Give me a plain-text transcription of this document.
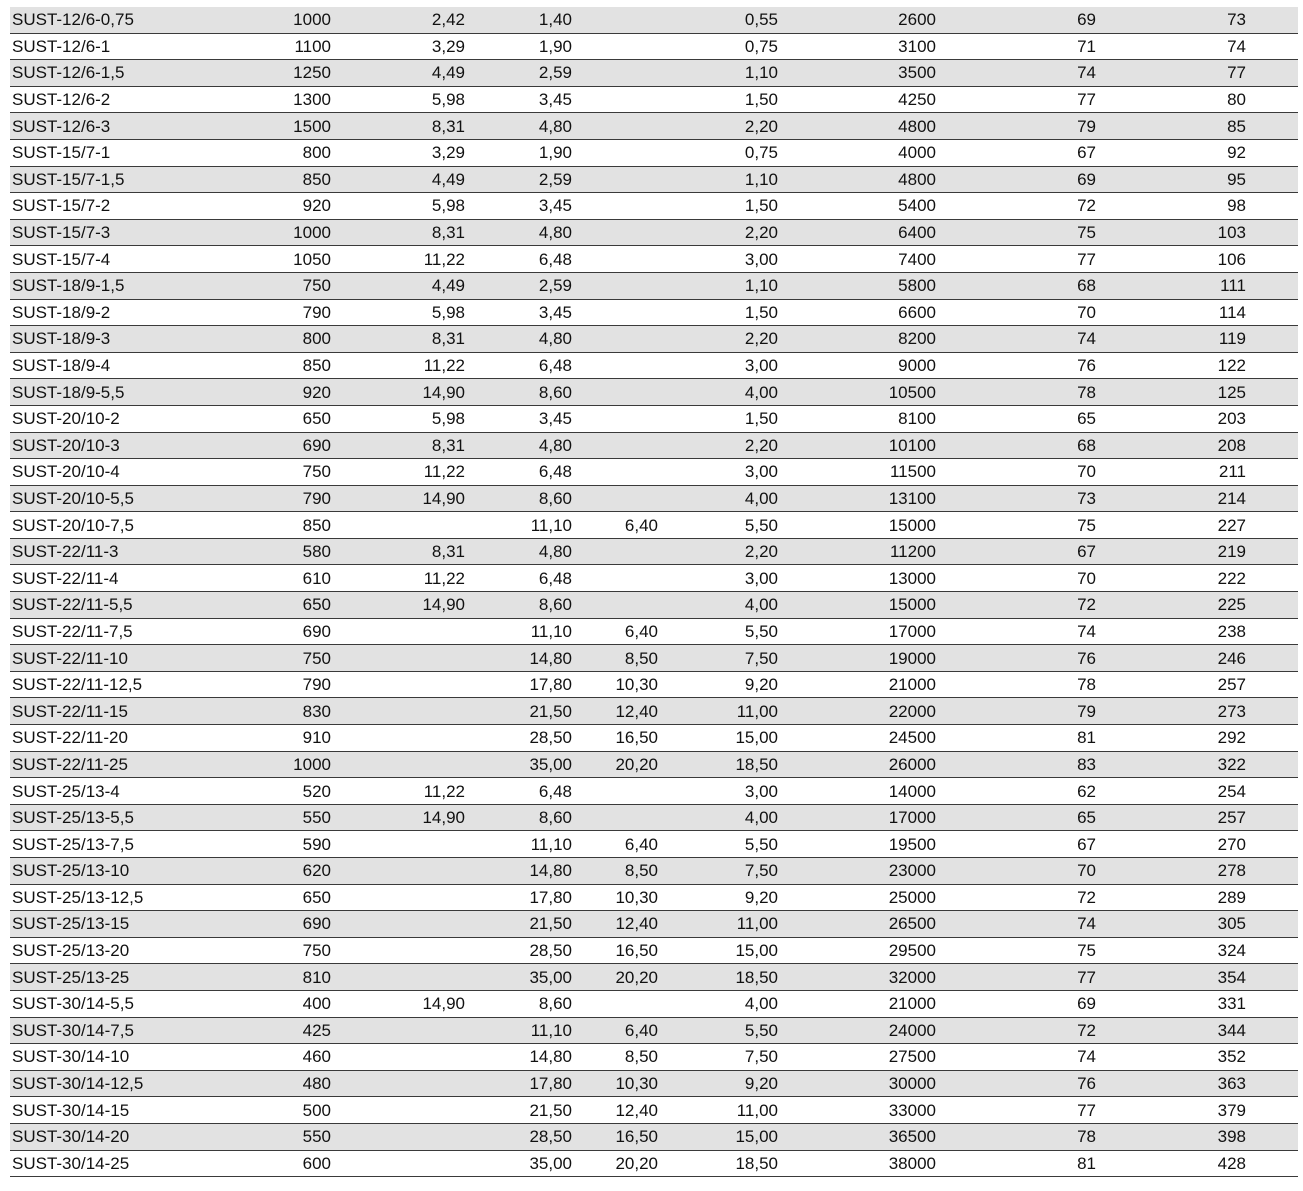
SUST-12/6-0,75	1000	2,42	1,40		0,55	2600	69	73	
SUST-12/6-1	1100	3,29	1,90		0,75	3100	71	74	
SUST-12/6-1,5	1250	4,49	2,59		1,10	3500	74	77	
SUST-12/6-2	1300	5,98	3,45		1,50	4250	77	80	
SUST-12/6-3	1500	8,31	4,80		2,20	4800	79	85	
SUST-15/7-1	800	3,29	1,90		0,75	4000	67	92	
SUST-15/7-1,5	850	4,49	2,59		1,10	4800	69	95	
SUST-15/7-2	920	5,98	3,45		1,50	5400	72	98	
SUST-15/7-3	1000	8,31	4,80		2,20	6400	75	103	
SUST-15/7-4	1050	11,22	6,48		3,00	7400	77	106	
SUST-18/9-1,5	750	4,49	2,59		1,10	5800	68	111	
SUST-18/9-2	790	5,98	3,45		1,50	6600	70	114	
SUST-18/9-3	800	8,31	4,80		2,20	8200	74	119	
SUST-18/9-4	850	11,22	6,48		3,00	9000	76	122	
SUST-18/9-5,5	920	14,90	8,60		4,00	10500	78	125	
SUST-20/10-2	650	5,98	3,45		1,50	8100	65	203	
SUST-20/10-3	690	8,31	4,80		2,20	10100	68	208	
SUST-20/10-4	750	11,22	6,48		3,00	11500	70	211	
SUST-20/10-5,5	790	14,90	8,60		4,00	13100	73	214	
SUST-20/10-7,5	850		11,10	6,40	5,50	15000	75	227	
SUST-22/11-3	580	8,31	4,80		2,20	11200	67	219	
SUST-22/11-4	610	11,22	6,48		3,00	13000	70	222	
SUST-22/11-5,5	650	14,90	8,60		4,00	15000	72	225	
SUST-22/11-7,5	690		11,10	6,40	5,50	17000	74	238	
SUST-22/11-10	750		14,80	8,50	7,50	19000	76	246	
SUST-22/11-12,5	790		17,80	10,30	9,20	21000	78	257	
SUST-22/11-15	830		21,50	12,40	11,00	22000	79	273	
SUST-22/11-20	910		28,50	16,50	15,00	24500	81	292	
SUST-22/11-25	1000		35,00	20,20	18,50	26000	83	322	
SUST-25/13-4	520	11,22	6,48		3,00	14000	62	254	
SUST-25/13-5,5	550	14,90	8,60		4,00	17000	65	257	
SUST-25/13-7,5	590		11,10	6,40	5,50	19500	67	270	
SUST-25/13-10	620		14,80	8,50	7,50	23000	70	278	
SUST-25/13-12,5	650		17,80	10,30	9,20	25000	72	289	
SUST-25/13-15	690		21,50	12,40	11,00	26500	74	305	
SUST-25/13-20	750		28,50	16,50	15,00	29500	75	324	
SUST-25/13-25	810		35,00	20,20	18,50	32000	77	354	
SUST-30/14-5,5	400	14,90	8,60		4,00	21000	69	331	
SUST-30/14-7,5	425		11,10	6,40	5,50	24000	72	344	
SUST-30/14-10	460		14,80	8,50	7,50	27500	74	352	
SUST-30/14-12,5	480		17,80	10,30	9,20	30000	76	363	
SUST-30/14-15	500		21,50	12,40	11,00	33000	77	379	
SUST-30/14-20	550		28,50	16,50	15,00	36500	78	398	
SUST-30/14-25	600		35,00	20,20	18,50	38000	81	428	
